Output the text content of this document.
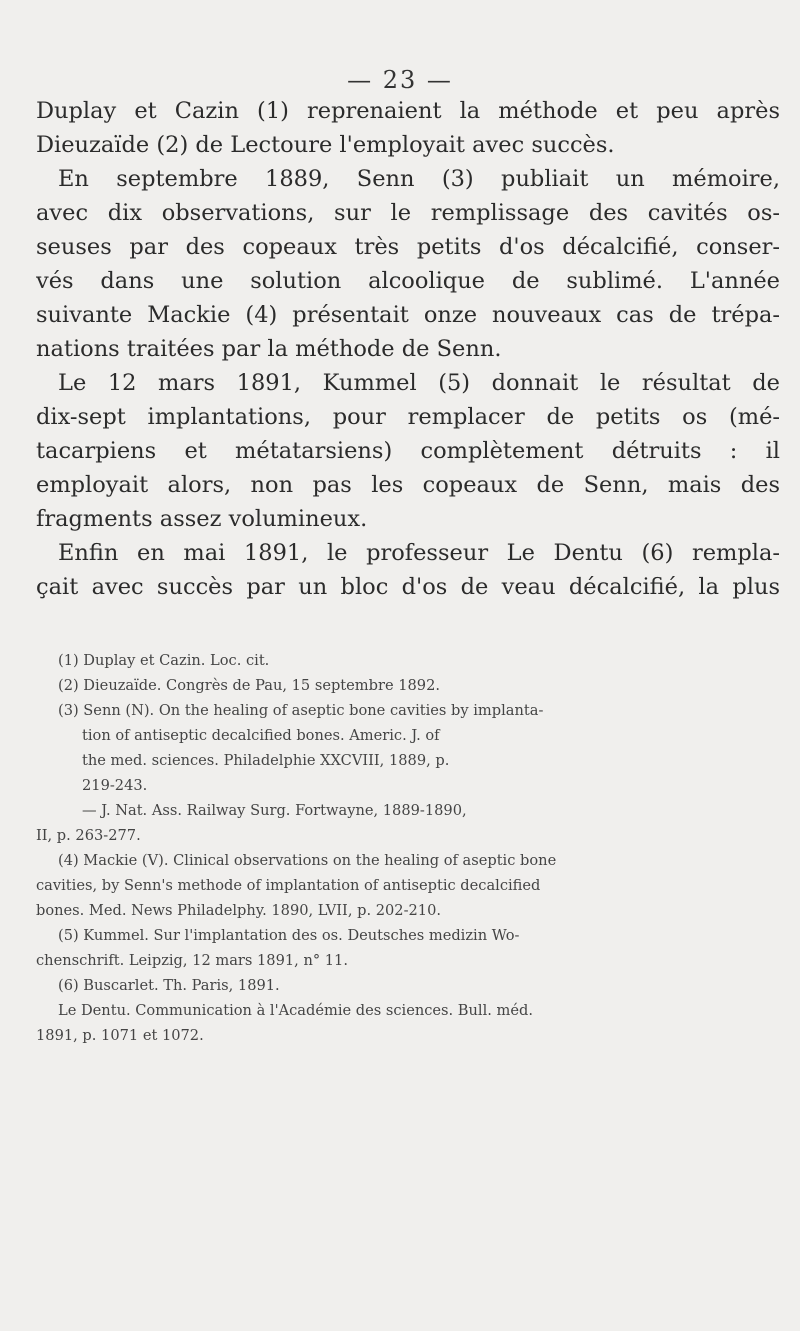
— 23 —
Duplay et Cazin (1) reprenaient la méthode et peu après
Dieuzaïde (2) de Lectoure l'employait avec succès.
En septembre 1889, Senn (3) publiait un mémoire,
avec dix observations, sur le remplissage des cavités os-
seuses par des copeaux très petits d'os décalcifié, conser-
vés dans une solution alcoolique de sublimé. L'année
suivante Mackie (4) présentait onze nouveaux cas de trépa-
nations traitées par la méthode de Senn.
Le 12 mars 1891, Kummel (5) donnait le résultat de
dix-sept implantations, pour remplacer de petits os (mé-
tacarpiens et métatarsiens) complètement détruits : il
employait alors, non pas les copeaux de Senn, mais des
fragments assez volumineux.
Enfin en mai 1891, le professeur Le Dentu (6) rempla-
çait avec succès par un bloc d'os de veau décalcifié, la plus
(1) Duplay et Cazin. Loc. cit.
(2) Dieuzaïde. Congrès de Pau, 15 septembre 1892.
(3) Senn (N). On the healing of aseptic bone cavities by implanta-
tion of antiseptic decalcified bones. Americ. J. of
the med. sciences. Philadelphie XXCVIII, 1889, p.
219-243.
— J. Nat. Ass. Railway Surg. Fortwayne, 1889-1890,
II, p. 263-277.
(4) Mackie (V). Clinical observations on the healing of aseptic bone
cavities, by Senn's methode of implantation of antiseptic decalcified
bones. Med. News Philadelphy. 1890, LVII, p. 202-210.
(5) Kummel. Sur l'implantation des os. Deutsches medizin Wo-
chenschrift. Leipzig, 12 mars 1891, n° 11.
(6) Buscarlet. Th. Paris, 1891.
Le Dentu. Communication à l'Académie des sciences. Bull. méd.
1891, p. 1071 et 1072.
